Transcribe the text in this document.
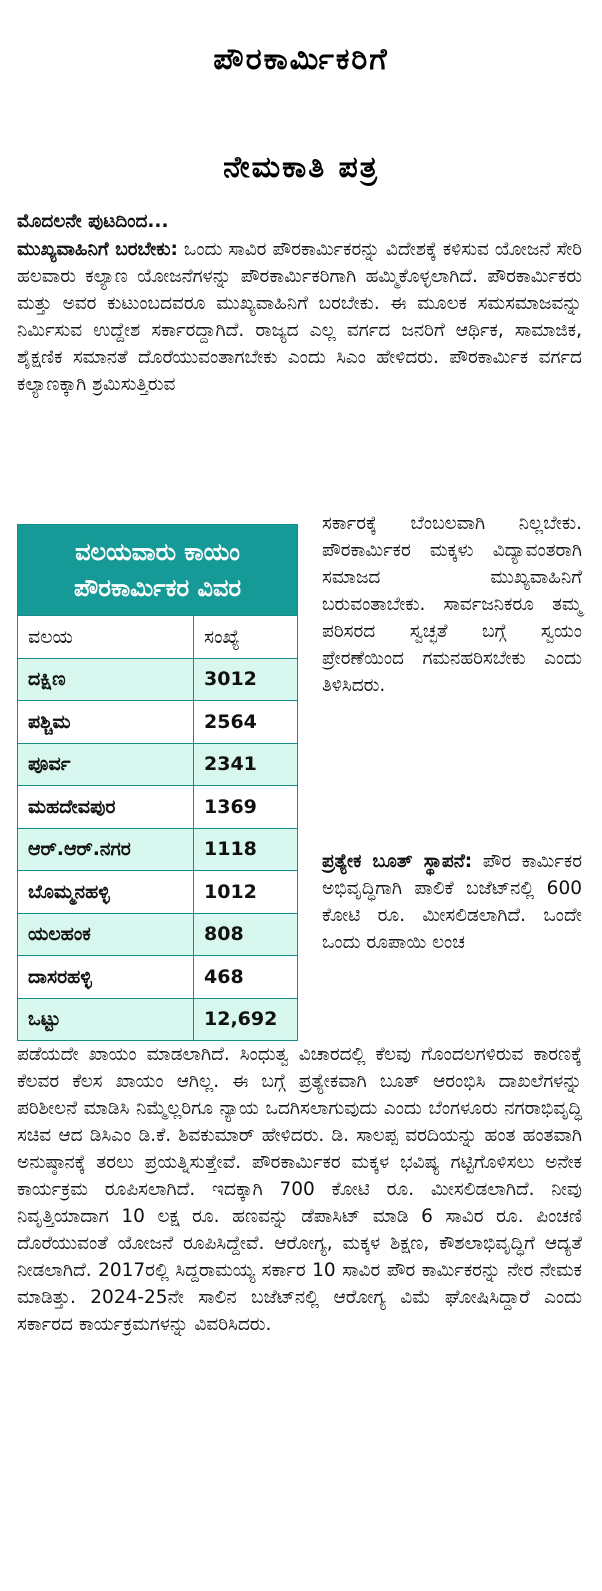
ಪೌರಕಾರ್ಮಿಕರಿಗೆ
ನೇಮಕಾತಿ ಪತ್ರ
ಮೊದಲನೇ ಪುಟದಿಂದ...
ಮುಖ್ಯವಾಹಿನಿಗೆ ಬರಬೇಕು: ಒಂದು ಸಾವಿರ ಪೌರಕಾರ್ಮಿಕರನ್ನು ವಿದೇಶಕ್ಕೆ ಕಳಿಸುವ ಯೋಜನೆ ಸೇರಿ ಹಲವಾರು ಕಲ್ಯಾಣ ಯೋಜನೆಗಳನ್ನು ಪೌರಕಾರ್ಮಿಕರಿಗಾಗಿ ಹಮ್ಮಿಕೊಳ್ಳಲಾಗಿದೆ. ಪೌರಕಾರ್ಮಿಕರು ಮತ್ತು ಅವರ ಕುಟುಂಬದವರೂ ಮುಖ್ಯವಾಹಿನಿಗೆ ಬರಬೇಕು. ಈ ಮೂಲಕ ಸಮಸಮಾಜವನ್ನು ನಿರ್ಮಿಸುವ ಉದ್ದೇಶ ಸರ್ಕಾರದ್ದಾಗಿದೆ. ರಾಜ್ಯದ ಎಲ್ಲ ವರ್ಗದ ಜನರಿಗೆ ಆರ್ಥಿಕ, ಸಾಮಾಜಿಕ, ಶೈಕ್ಷಣಿಕ ಸಮಾನತೆ ದೊರೆಯುವಂತಾಗಬೇಕು ಎಂದು ಸಿಎಂ ಹೇಳಿದರು. ಪೌರಕಾರ್ಮಿಕ ವರ್ಗದ ಕಲ್ಯಾಣಕ್ಕಾಗಿ ಶ್ರಮಿಸುತ್ತಿರುವ
ವಲಯವಾರು ಕಾಯಂ
ಪೌರಕಾರ್ಮಿಕರ ವಿವರ
ವಲಯ	ಸಂಖ್ಯೆ
ದಕ್ಷಿಣ	3012
ಪಶ್ಚಿಮ	2564
ಪೂರ್ವ	2341
ಮಹದೇವಪುರ	1369
ಆರ್.ಆರ್.ನಗರ	1118
ಬೊಮ್ಮನಹಳ್ಳಿ	1012
ಯಲಹಂಕ	808
ದಾಸರಹಳ್ಳಿ	468
ಒಟ್ಟು	12,692
ಸರ್ಕಾರಕ್ಕೆ ಬೆಂಬಲವಾಗಿ ನಿಲ್ಲಬೇಕು. ಪೌರಕಾರ್ಮಿಕರ ಮಕ್ಕಳು ವಿದ್ಯಾವಂತರಾಗಿ ಸಮಾಜದ ಮುಖ್ಯವಾಹಿನಿಗೆ ಬರುವಂತಾಬೇಕು. ಸಾರ್ವಜನಿಕರೂ ತಮ್ಮ ಪರಿಸರದ ಸ್ವಚ್ಛತೆ ಬಗ್ಗೆ ಸ್ವಯಂ ಪ್ರೇರಣೆಯಿಂದ ಗಮನಹರಿಸಬೇಕು ಎಂದು ತಿಳಿಸಿದರು.
ಪ್ರತ್ಯೇಕ ಬೂತ್ ಸ್ಥಾಪನೆ: ಪೌರ ಕಾರ್ಮಿಕರ ಅಭಿವೃದ್ಧಿಗಾಗಿ ಪಾಲಿಕೆ ಬಜೆಟ್‌ನಲ್ಲಿ 600 ಕೋಟಿ ರೂ. ಮೀಸಲಿಡಲಾಗಿದೆ. ಒಂದೇ ಒಂದು ರೂಪಾಯಿ ಲಂಚ
ಪಡೆಯದೇ ಖಾಯಂ ಮಾಡಲಾಗಿದೆ. ಸಿಂಧುತ್ವ ವಿಚಾರದಲ್ಲಿ ಕೆಲವು ಗೊಂದಲಗಳಿರುವ ಕಾರಣಕ್ಕೆ ಕೆಲವರ ಕೆಲಸ ಖಾಯಂ ಆಗಿಲ್ಲ. ಈ ಬಗ್ಗೆ ಪ್ರತ್ಯೇಕವಾಗಿ ಬೂತ್ ಆರಂಭಿಸಿ ದಾಖಲೆಗಳನ್ನು ಪರಿಶೀಲನೆ ಮಾಡಿಸಿ ನಿಮ್ಮೆಲ್ಲರಿಗೂ ನ್ಯಾಯ ಒದಗಿಸಲಾಗುವುದು ಎಂದು ಬೆಂಗಳೂರು ನಗರಾಭಿವೃದ್ಧಿ ಸಚಿವ ಆದ ಡಿಸಿಎಂ ಡಿ.ಕೆ. ಶಿವಕುಮಾರ್ ಹೇಳಿದರು. ಡಿ. ಸಾಲಪ್ಪ ವರದಿಯನ್ನು ಹಂತ ಹಂತವಾಗಿ ಅನುಷ್ಠಾನಕ್ಕೆ ತರಲು ಪ್ರಯತ್ನಿಸುತ್ತೇವೆ. ಪೌರಕಾರ್ಮಿಕರ ಮಕ್ಕಳ ಭವಿಷ್ಯ ಗಟ್ಟಿಗೊಳಿಸಲು ಅನೇಕ ಕಾರ್ಯಕ್ರಮ ರೂಪಿಸಲಾಗಿದೆ. ಇದಕ್ಕಾಗಿ 700 ಕೋಟಿ ರೂ. ಮೀಸಲಿಡಲಾಗಿದೆ. ನೀವು ನಿವೃತ್ತಿಯಾದಾಗ 10 ಲಕ್ಷ ರೂ. ಹಣವನ್ನು ಡೆಪಾಸಿಟ್ ಮಾಡಿ 6 ಸಾವಿರ ರೂ. ಪಿಂಚಣಿ ದೊರೆಯುವಂತೆ ಯೋಜನೆ ರೂಪಿಸಿದ್ದೇವೆ. ಆರೋಗ್ಯ, ಮಕ್ಕಳ ಶಿಕ್ಷಣ, ಕೌಶಲಾಭಿವೃದ್ಧಿಗೆ ಆದ್ಯತೆ ನೀಡಲಾಗಿದೆ. 2017ರಲ್ಲಿ ಸಿದ್ದರಾಮಯ್ಯ ಸರ್ಕಾರ 10 ಸಾವಿರ ಪೌರ ಕಾರ್ಮಿಕರನ್ನು ನೇರ ನೇಮಕ ಮಾಡಿತ್ತು. 2024-25ನೇ ಸಾಲಿನ ಬಜೆಟ್‌ನಲ್ಲಿ ಆರೋಗ್ಯ ವಿಮೆ ಘೋಷಿಸಿದ್ದಾರೆ ಎಂದು ಸರ್ಕಾರದ ಕಾರ್ಯಕ್ರಮಗಳನ್ನು ವಿವರಿಸಿದರು.
